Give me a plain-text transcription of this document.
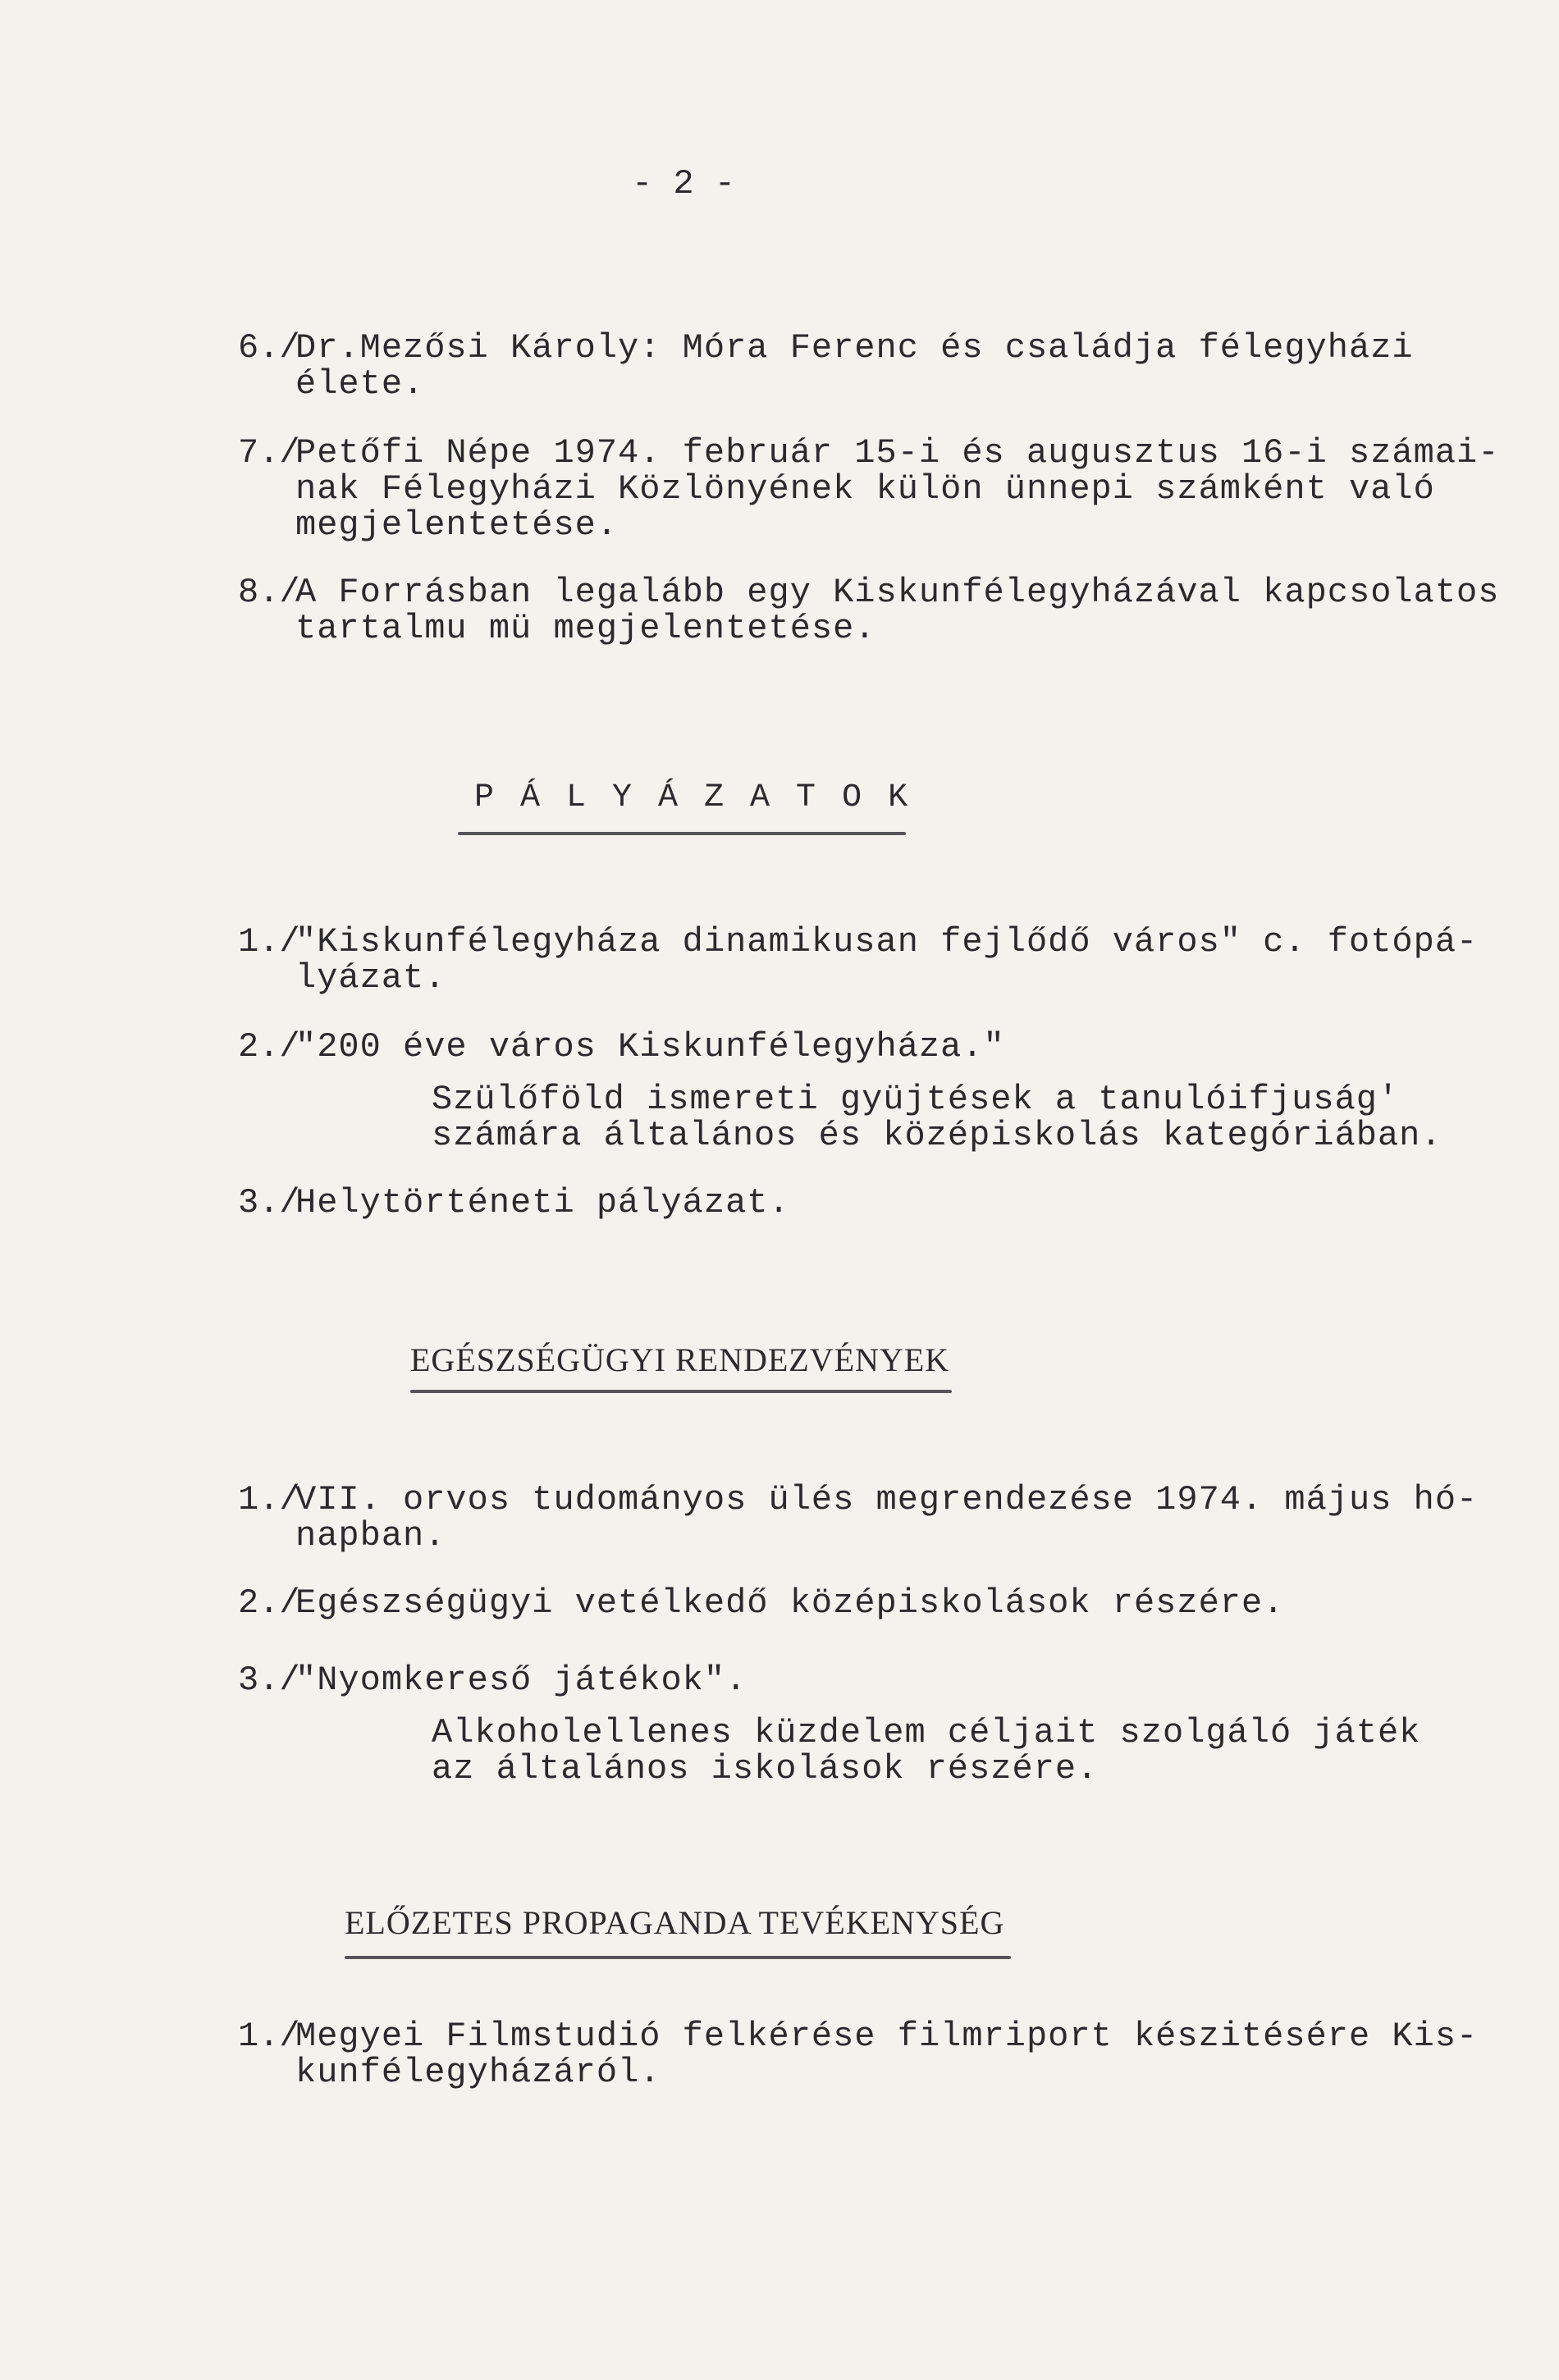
- 2 -
6./
Dr.Mezősi Károly: Móra Ferenc és családja félegyházi
élete.
7./
Petőfi Népe 1974. február 15-i és augusztus 16-i számai-
nak Félegyházi Közlönyének külön ünnepi számként való
megjelentetése.
8./
A Forrásban legalább egy Kiskunfélegyházával kapcsolatos
tartalmu mü megjelentetése.
P Á L Y Á Z A T O K
1./
"Kiskunfélegyháza dinamikusan fejlődő város" c. fotópá-
lyázat.
2./
"200 éve város Kiskunfélegyháza."
Szülőföld ismereti gyüjtések a tanulóifjuság'
számára általános és középiskolás kategóriában.
3./
Helytörténeti pályázat.
EGÉSZSÉGÜGYI RENDEZVÉNYEK
1./
VII. orvos tudományos ülés megrendezése 1974. május hó-
napban.
2./
Egészségügyi vetélkedő középiskolások részére.
3./
"Nyomkereső játékok".
Alkoholellenes küzdelem céljait szolgáló játék
az általános iskolások részére.
ELŐZETES PROPAGANDA TEVÉKENYSÉG
1./
Megyei Filmstudió felkérése filmriport készitésére Kis-
kunfélegyházáról.
